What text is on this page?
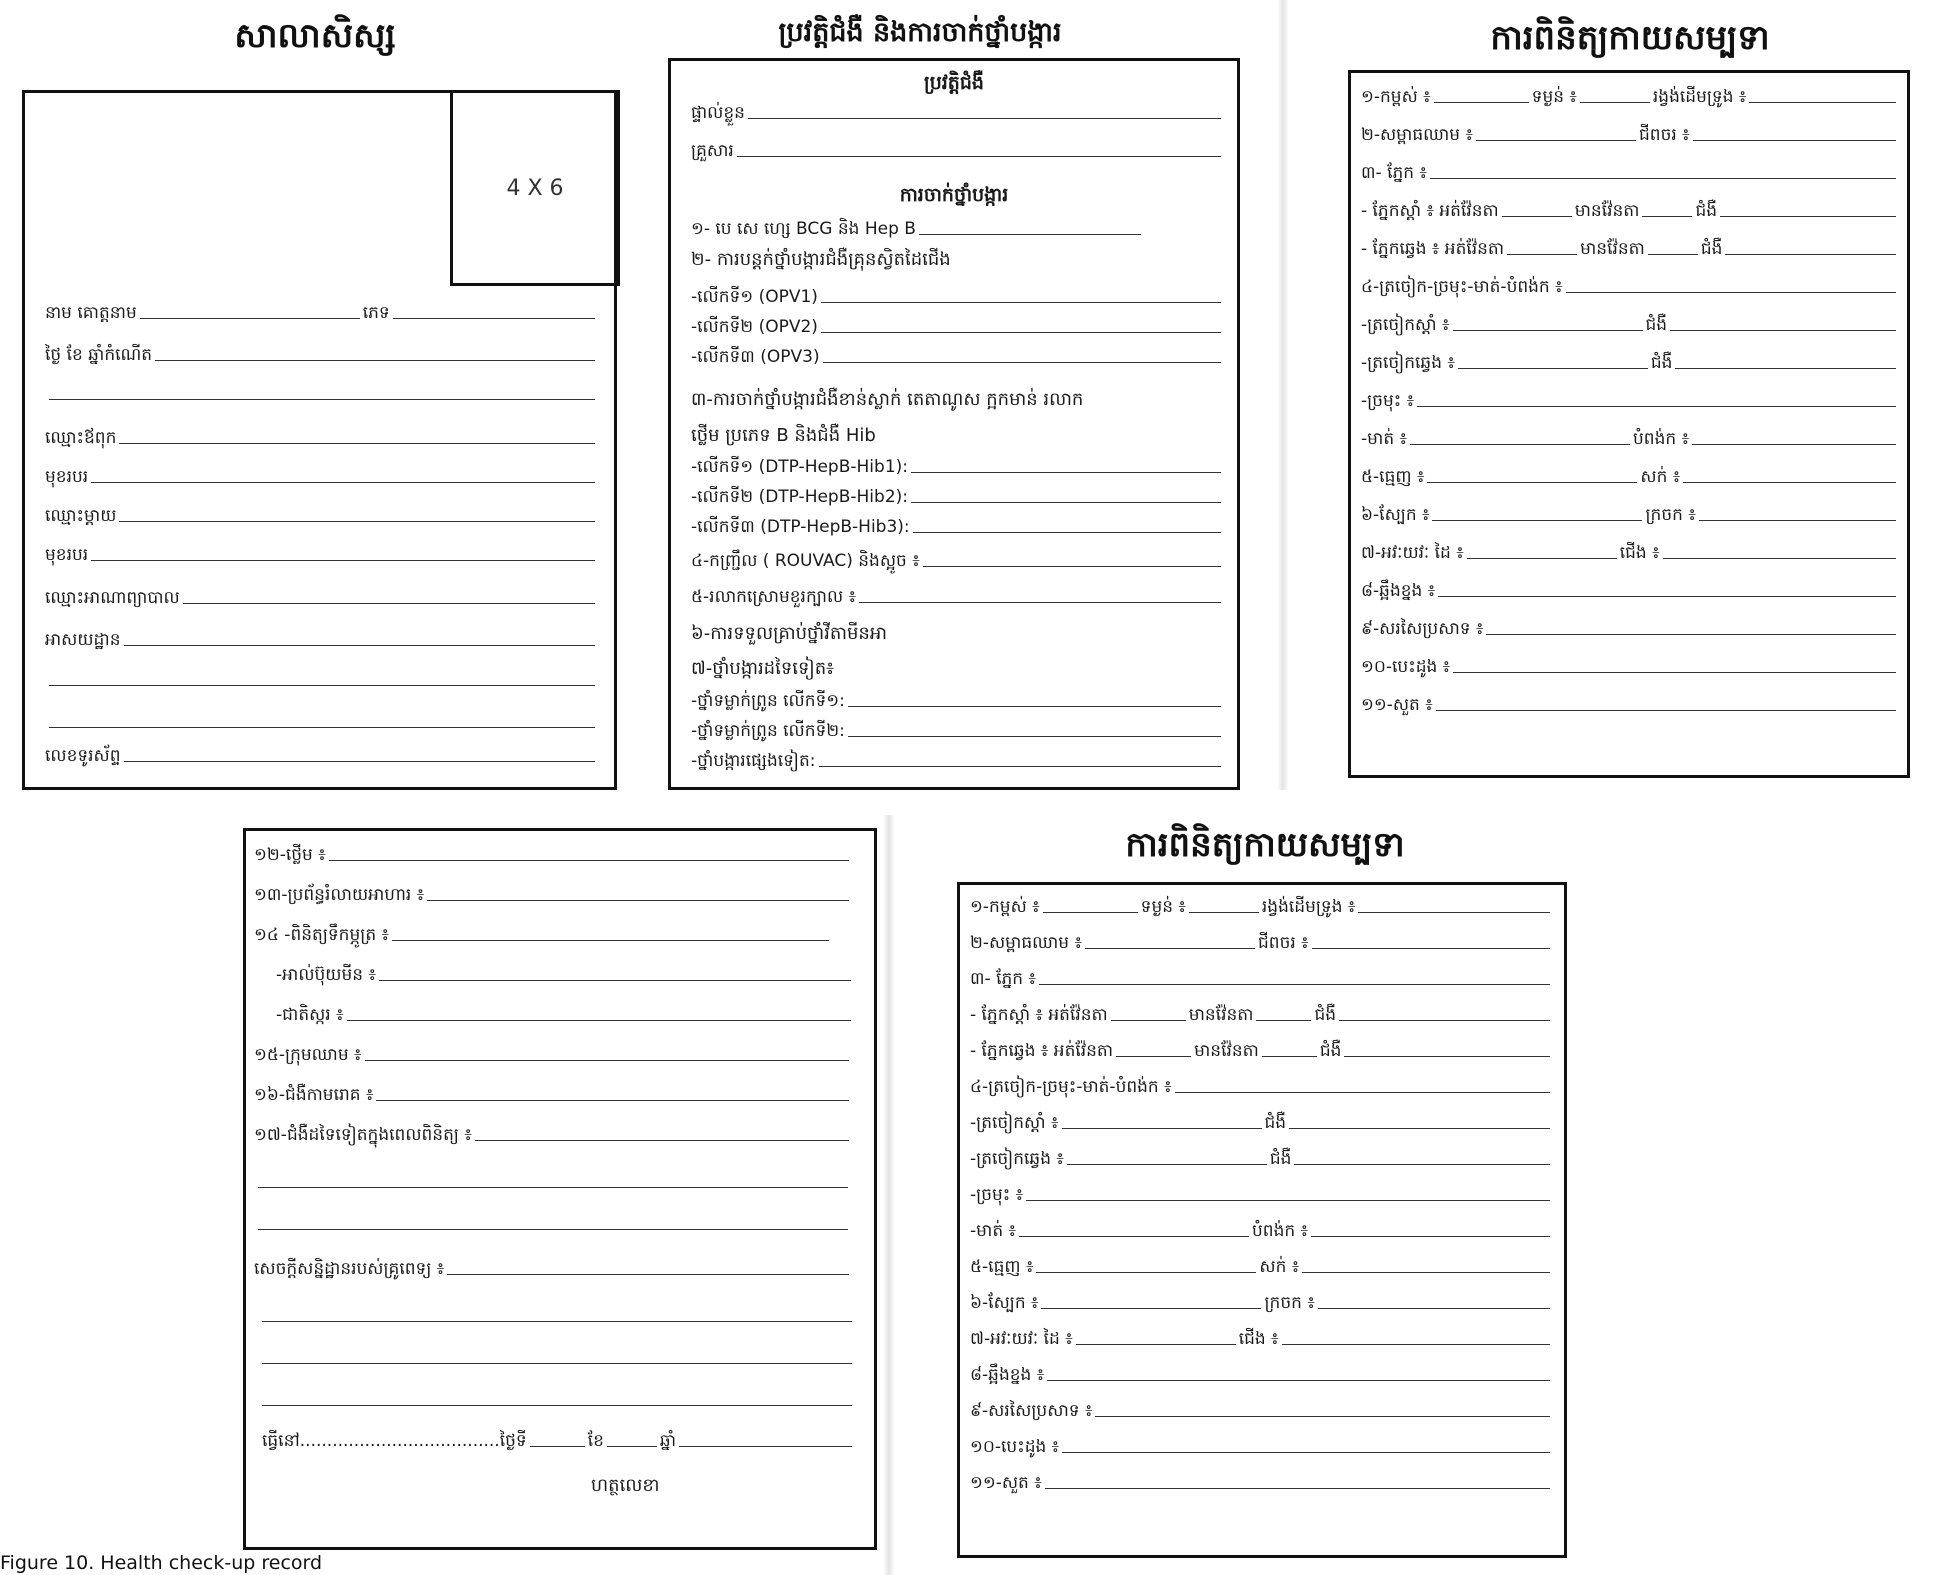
សាលាសិស្ស
4 X 6
នាម គោត្តនាម	ភេទ
ថ្ងៃ ខែ ឆ្នាំកំណើត
ឈ្មោះឪពុក
មុខរបរ
ឈ្មោះម្ដាយ
មុខរបរ
ឈ្មោះអាណាព្យាបាល
អាសយដ្ឋាន
លេខទូរស័ព្ទ
ប្រវត្តិជំងឺ និងការចាក់ថ្នាំបង្ការ
ប្រវត្តិជំងឺ
ផ្ទាល់ខ្លួន
គ្រួសារ
ការចាក់ថ្នាំបង្ការ
១- បេ សេ ហ្សេ BCG និង Hep B
២- ការបន្តក់ថ្នាំបង្ការជំងឺគ្រុនស្វិតដៃជើង
-លើកទី១ (OPV1)
-លើកទី២ (OPV2)
-លើកទី៣ (OPV3)
៣-ការចាក់ថ្នាំបង្ការជំងឺខាន់ស្លាក់ តេតាណូស ក្អកមាន់ រលាក
ថ្លើម ប្រភេទ B និងជំងឺ Hib
-លើកទី១ (DTP-HepB-Hib1):
-លើកទី២ (DTP-HepB-Hib2):
-លើកទី៣ (DTP-HepB-Hib3):
៤-កញ្ជ្រឹល ( ROUVAC) និងស្អូច ៖
៥-រលាកស្រោមខួរក្បាល ៖
៦-ការទទួលគ្រាប់ថ្នាំវីតាមីនអា
៧-ថ្នាំបង្ការដទៃទៀត៖
-ថ្នាំទម្លាក់ព្រូន លើកទី១:
-ថ្នាំទម្លាក់ព្រូន លើកទី២:
-ថ្នាំបង្ការផ្សេងទៀត:
ការពិនិត្យកាយសម្បទា
១-កម្ពស់ ៖	ទម្ងន់ ៖	រង្វង់ដើមទ្រូង ៖
២-សម្ពាធឈាម ៖	ជីពចរ ៖
៣- ភ្នែក ៖
- ភ្នែកស្ដាំ ៖ អត់វ៉ែនតា	មានវ៉ែនតា	ជំងឺ
- ភ្នែកឆ្វេង ៖ អត់វ៉ែនតា	មានវ៉ែនតា	ជំងឺ
៤-ត្រចៀក-ច្រមុះ-មាត់-បំពង់ក ៖
-ត្រចៀកស្ដាំ ៖	ជំងឺ
-ត្រចៀកឆ្វេង ៖	ជំងឺ
-ច្រមុះ ៖
-មាត់ ៖	បំពង់ក ៖
៥-ធ្មេញ ៖	សក់ ៖
៦-ស្បែក ៖	ក្រចក ៖
៧-អវៈយវៈ ដៃ ៖	ជើង ៖
៨-ឆ្អឹងខ្នង ៖
៩-សរសៃប្រសាទ ៖
១០-បេះដូង ៖
១១-សួត ៖
១២-ថ្លើម ៖
១៣-ប្រព័ន្ធរំលាយអាហារ ៖
១៤ -ពិនិត្យទឹកម្ភូត្រ ៖
-អាល់ប៊ុយមីន ៖
-ជាតិស្ករ ៖
១៥-ក្រុមឈាម ៖
១៦-ជំងឺកាមរោគ ៖
១៧-ជំងឺដទៃទៀតក្នុងពេលពិនិត្យ ៖
សេចក្ដីសន្និដ្ឋានរបស់គ្រូពេទ្យ ៖
ធ្វើនៅ.....................................ថ្ងៃទី	ខែ	ឆ្នាំ
ហត្ថលេខា
ការពិនិត្យកាយសម្បទា
១-កម្ពស់ ៖	ទម្ងន់ ៖	រង្វង់ដើមទ្រូង ៖
២-សម្ពាធឈាម ៖	ជីពចរ ៖
៣- ភ្នែក ៖
- ភ្នែកស្ដាំ ៖ អត់វ៉ែនតា	មានវ៉ែនតា	ជំងឺ
- ភ្នែកឆ្វេង ៖ អត់វ៉ែនតា	មានវ៉ែនតា	ជំងឺ
៤-ត្រចៀក-ច្រមុះ-មាត់-បំពង់ក ៖
-ត្រចៀកស្ដាំ ៖	ជំងឺ
-ត្រចៀកឆ្វេង ៖	ជំងឺ
-ច្រមុះ ៖
-មាត់ ៖	បំពង់ក ៖
៥-ធ្មេញ ៖	សក់ ៖
៦-ស្បែក ៖	ក្រចក ៖
៧-អវៈយវៈ ដៃ ៖	ជើង ៖
៨-ឆ្អឹងខ្នង ៖
៩-សរសៃប្រសាទ ៖
១០-បេះដូង ៖
១១-សួត ៖
Figure 10. Health check-up record
